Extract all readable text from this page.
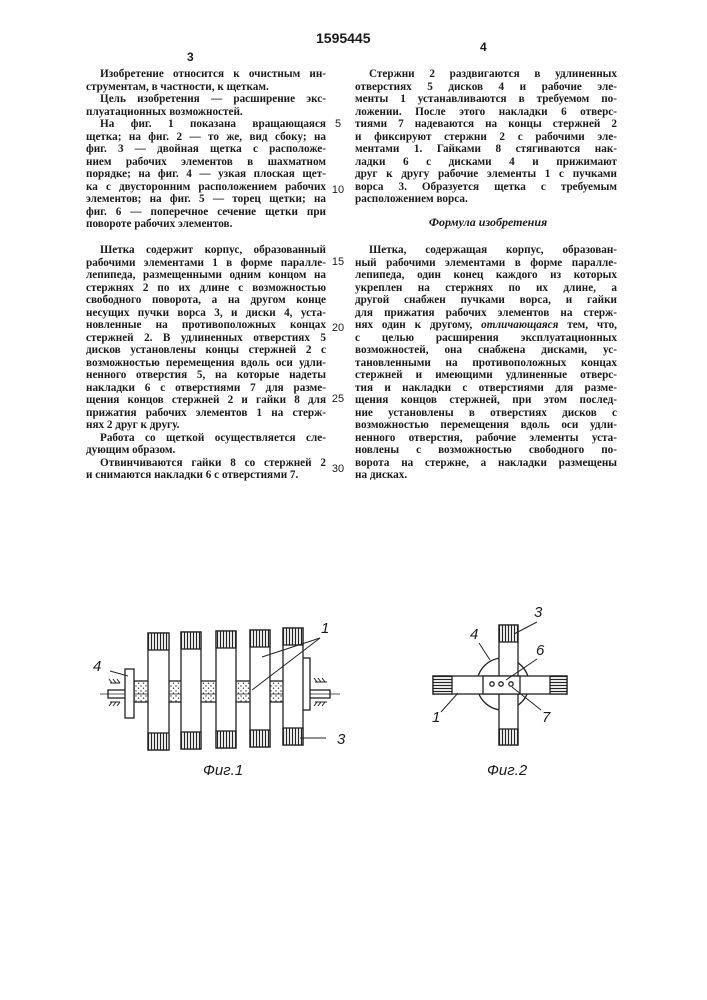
1595445
3
4
Изобретение относится к очистным ин-
струментам, в частности, к щеткам.
Цель изобретения — расширение экс-
плуатационных возможностей.
На фиг. 1 показана вращающаяся
щетка; на фиг. 2 — то же, вид сбоку; на
фиг. 3 — двойная щетка с расположе-
нием рабочих элементов в шахматном
порядке; на фиг. 4 — узкая плоская щет-
ка с двусторонним расположением рабочих
элементов; на фиг. 5 — торец щетки; на
фиг. 6 — поперечное сечение щетки при
повороте рабочих элементов.
Шетка содержит корпус, образованный
рабочими элементами 1 в форме паралле-
лепипеда, размещенными одним концом на
стержнях 2 по их длине с возможностью
свободного поворота, а на другом конце
несущих пучки ворса 3, и диски 4, уста-
новленные на противоположных концах
стержней 2. В удлиненных отверстиях 5
дисков установлены концы стержней 2 с
возможностью перемещения вдоль оси удли-
ненного отверстия 5, на которые надеты
накладки 6 с отверстиями 7 для разме-
щения концов стержней 2 и гайки 8 для
прижатия рабочих элементов 1 на стерж-
нях 2 друг к другу.
Работа со щеткой осуществляется сле-
дующим образом.
Отвинчиваются гайки 8 со стержней 2
и снимаются накладки 6 с отверстиями 7.
Стержни 2 раздвигаются в удлиненных
отверстиях 5 дисков 4 и рабочие эле-
менты 1 устанавливаются в требуемом по-
ложении. После этого накладки 6 отверс-
тиями 7 надеваются на концы стержней 2
и фиксируют стержни 2 с рабочими эле-
ментами 1. Гайками 8 стягиваются нак-
ладки 6 с дисками 4 и прижимают
друг к другу рабочие элементы 1 с пучками
ворса 3. Образуется щетка с требуемым
расположением ворса.
Формула изобретения
Шетка, содержащая корпус, образован-
ный рабочими элементами в форме паралле-
лепипеда, один конец каждого из которых
укреплен на стержнях по их длине, а
другой снабжен пучками ворса, и гайки
для прижатия рабочих элементов на стерж-
нях один к другому, отличающаяся тем, что,
с целью расширения эксплуатационных
возможностей, она снабжена дисками, ус-
тановленными на противоположных концах
стержней и имеющими удлиненные отверс-
тия и накладки с отверстиями для разме-
щения концов стержней, при этом послед-
ние установлены в отверстиях дисков с
возможностью перемещения вдоль оси удли-
ненного отверстия, рабочие элементы уста-
новлены с возможностью свободного по-
ворота на стержне, а накладки размещены
на дисках.
5
10
15
20
25
30
4
1
3
Фиг.1
3
4
6
1	7
Фиг.2
